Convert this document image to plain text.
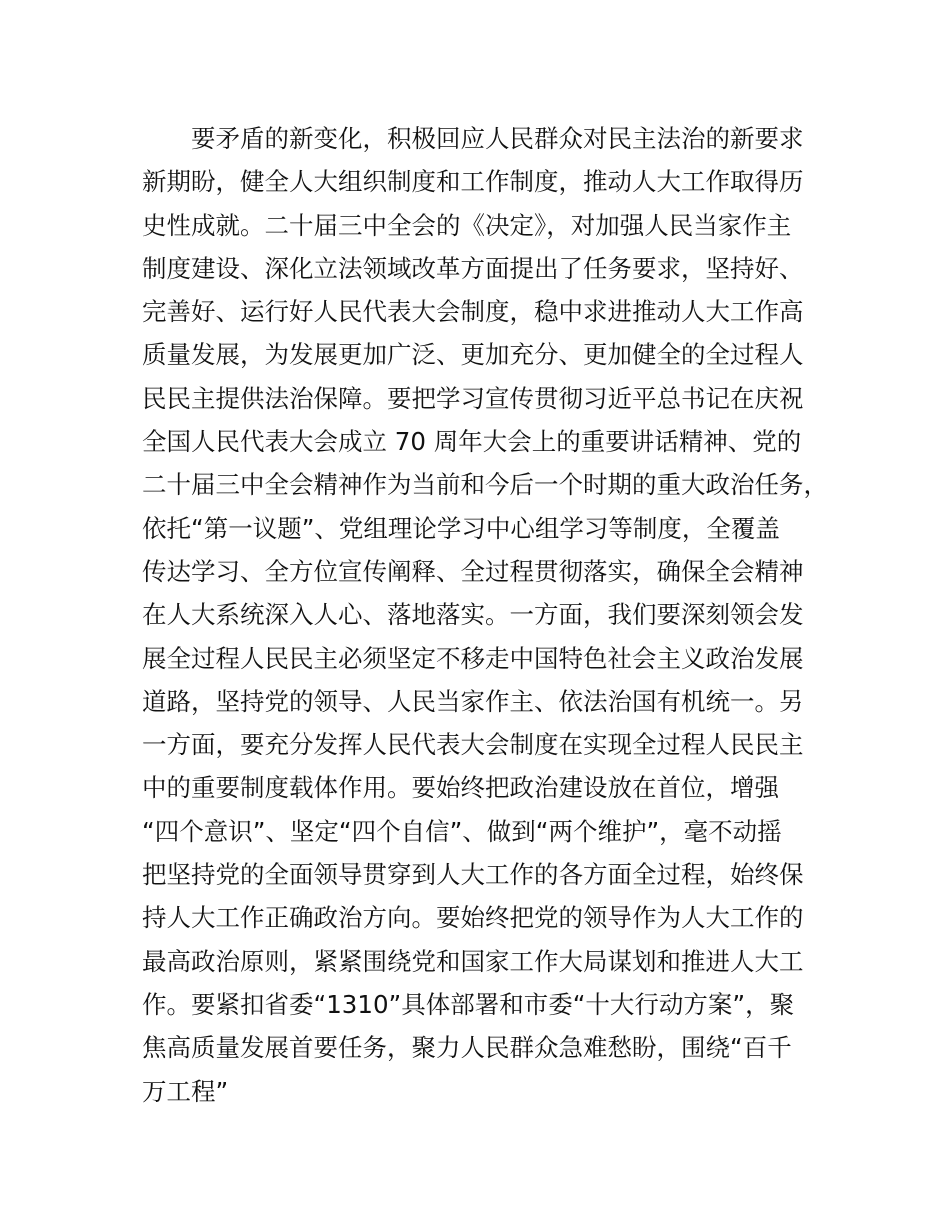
要矛盾的新变化，积极回应人民群众对民主法治的新要求
新期盼，健全人大组织制度和工作制度，推动人大工作取得历
史性成就。二十届三中全会的《决定》，对加强人民当家作主
制度建设、深化立法领域改革方面提出了任务要求，坚持好、
完善好、运行好人民代表大会制度，稳中求进推动人大工作高
质量发展，为发展更加广泛、更加充分、更加健全的全过程人
民民主提供法治保障。要把学习宣传贯彻习近平总书记在庆祝
全国人民代表大会成立 70 周年大会上的重要讲话精神、党的
二十届三中全会精神作为当前和今后一个时期的重大政治任务，
依托“第一议题”、党组理论学习中心组学习等制度，全覆盖
传达学习、全方位宣传阐释、全过程贯彻落实，确保全会精神
在人大系统深入人心、落地落实。一方面，我们要深刻领会发
展全过程人民民主必须坚定不移走中国特色社会主义政治发展
道路，坚持党的领导、人民当家作主、依法治国有机统一。另
一方面，要充分发挥人民代表大会制度在实现全过程人民民主
中的重要制度载体作用。要始终把政治建设放在首位，增强
“四个意识”、坚定“四个自信”、做到“两个维护”，毫不动摇
把坚持党的全面领导贯穿到人大工作的各方面全过程，始终保
持人大工作正确政治方向。要始终把党的领导作为人大工作的
最高政治原则，紧紧围绕党和国家工作大局谋划和推进人大工
作。要紧扣省委“1310”具体部署和市委“十大行动方案”，聚
焦高质量发展首要任务，聚力人民群众急难愁盼，围绕“百千
万工程”
